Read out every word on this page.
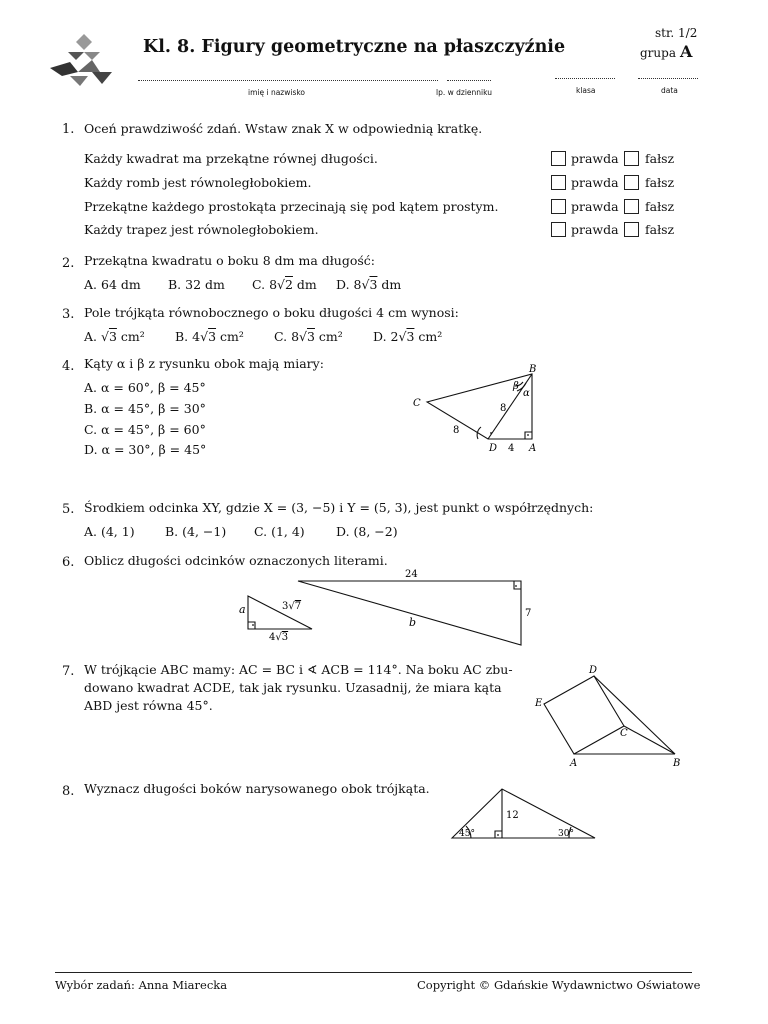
Kl. 8. Figury geometryczne na płaszczyźnie
str. 1/2
grupa A
imię i nazwisko	lp. w dzienniku	klasa	data
1. Oceń prawdziwość zdań. Wstaw znak X w odpowiednią kratkę.
Każdy kwadrat ma przekątne równej długości.	prawda fałsz
Każdy romb jest równoległobokiem.	prawda fałsz
Przekątne każdego prostokąta przecinają się pod kątem prostym.	prawda fałsz
Każdy trapez jest równoległobokiem.	prawda fałsz
2. Przekątna kwadratu o boku 8 dm ma długość:
A. 64 dm B. 32 dm C. 8√2 dm D. 8√3 dm
3. Pole trójkąta równobocznego o boku długości 4 cm wynosi:
A. √3 cm² B. 4√3 cm² C. 8√3 cm² D. 2√3 cm²
4. Kąty α i β z rysunku obok mają miary:
A. α = 60°, β = 45°
B. α = 45°, β = 30°
C. α = 45°, β = 60°
D. α = 30°, β = 45°
B
C
D	A
β
α
8
8
4
5. Środkiem odcinka XY, gdzie X = (3, −5) i Y = (5, 3), jest punkt o współrzędnych:
A. (4, 1) B. (4, −1) C. (1, 4)	D. (8, −2)
6. Oblicz długości odcinków oznaczonych literami.
a	3√7
4√3
24
7
b
7. W trójkącie ABC mamy: AC = BC i ∢ ACB = 114°. Na boku AC zbu-
dowano kwadrat ACDE, tak jak rysunku. Uzasadnij, że miara kąta
ABD jest równa 45°.
D
E
C
A	B
8. Wyznacz długości boków narysowanego obok trójkąta.
12
45°	30°
Wybór zadań: Anna Miarecka	Copyright © Gdańskie Wydawnictwo Oświatowe
